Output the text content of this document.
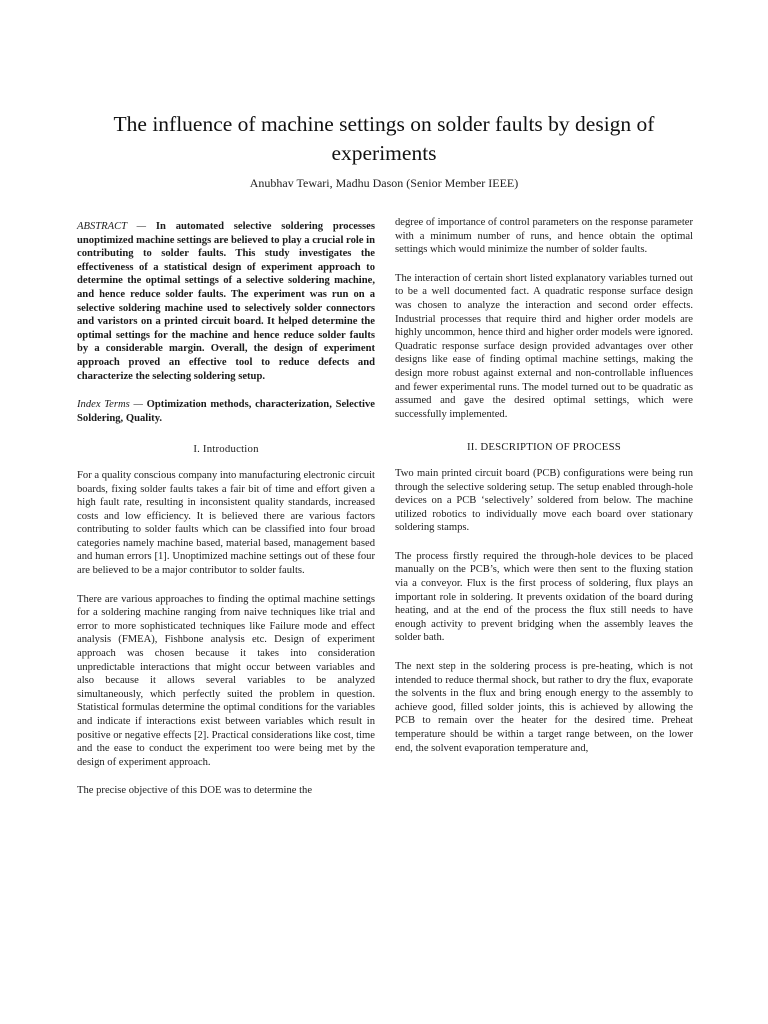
The influence of machine settings on solder faults by design of experiments
Anubhav Tewari, Madhu Dason (Senior Member IEEE)

ABSTRACT — In automated selective soldering processes unoptimized machine settings are believed to play a crucial role in contributing to solder faults. This study investigates the effectiveness of a statistical design of experiment approach to determine the optimal settings of a selective soldering machine, and hence reduce solder faults. The experiment was run on a selective soldering machine used to selectively solder connectors and varistors on a printed circuit board. It helped determine the optimal settings for the machine and hence reduce solder faults by a considerable margin. Overall, the design of experiment approach proved an effective tool to reduce defects and characterize the selecting soldering setup.

Index Terms — Optimization methods, characterization, Selective Soldering, Quality.

I. Introduction

For a quality conscious company into manufacturing electronic circuit boards, fixing solder faults takes a fair bit of time and effort given a high fault rate, resulting in inconsistent quality standards, increased costs and low efficiency. It is believed there are various factors contributing to solder faults which can be classified into four broad categories namely machine based, material based, management based and human errors [1]. Unoptimized machine settings out of these four are believed to be a major contributor to solder faults.

There are various approaches to finding the optimal machine settings for a soldering machine ranging from naive techniques like trial and error to more sophisticated techniques like Failure mode and effect analysis (FMEA), Fishbone analysis etc. Design of experiment approach was chosen because it takes into consideration unpredictable interactions that might occur between variables and also because it allows several variables to be analyzed simultaneously, which perfectly suited the problem in question. Statistical formulas determine the optimal conditions for the variables and indicate if interactions exist between variables which result in positive or negative effects [2]. Practical considerations like cost, time and the ease to conduct the experiment too were being met by the design of experiment approach.

The precise objective of this DOE was to determine the

degree of importance of control parameters on the response parameter with a minimum number of runs, and hence obtain the optimal settings which would minimize the number of solder faults.

The interaction of certain short listed explanatory variables turned out to be a well documented fact. A quadratic response surface design was chosen to analyze the interaction and second order effects. Industrial processes that require third and higher order models are highly uncommon, hence third and higher order models were ignored. Quadratic response surface design provided advantages over other designs like ease of finding optimal machine settings, making the design more robust against external and non-controllable influences and fewer experimental runs. The model turned out to be quadratic as assumed and gave the desired optimal settings, which were successfully implemented.

II. DESCRIPTION OF PROCESS

Two main printed circuit board (PCB) configurations were being run through the selective soldering setup. The setup enabled through-hole devices on a PCB ‘selectively’ soldered from below. The machine utilized robotics to individually move each board over stationary soldering stamps.

The process firstly required the through-hole devices to be placed manually on the PCB’s, which were then sent to the fluxing station via a conveyor. Flux is the first process of soldering, flux plays an important role in soldering. It prevents oxidation of the board during heating, and at the end of the process the flux still needs to have enough activity to prevent bridging when the assembly leaves the solder bath.

The next step in the soldering process is pre-heating, which is not intended to reduce thermal shock, but rather to dry the flux, evaporate the solvents in the flux and bring enough energy to the assembly to achieve good, filled solder joints, this is achieved by allowing the PCB to remain over the heater for the desired time. Preheat temperature should be within a target range between, on the lower end, the solvent evaporation temperature and,
